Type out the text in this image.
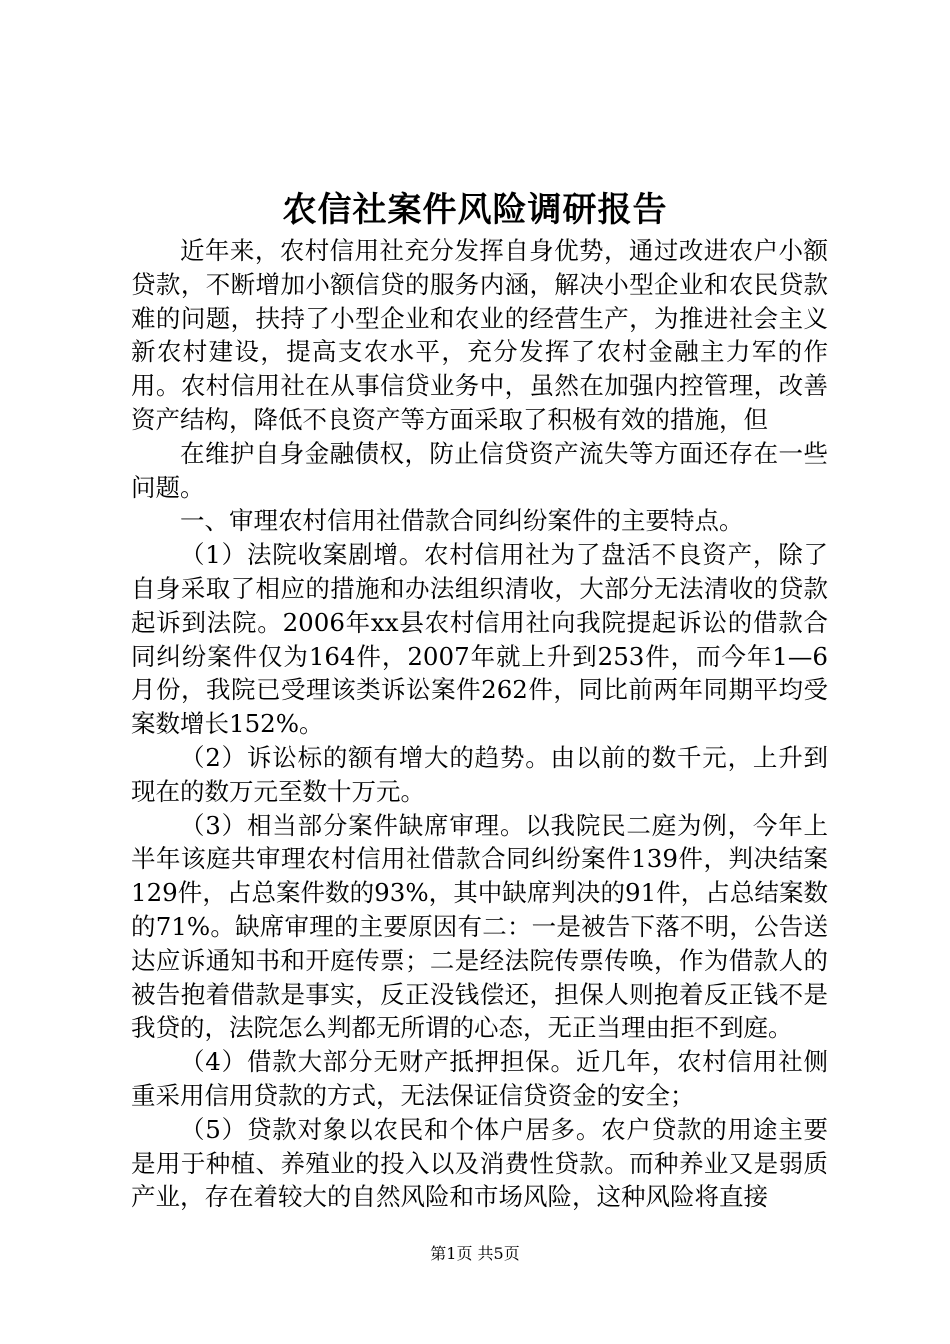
农信社案件风险调研报告

近年来，农村信用社充分发挥自身优势，通过改进农户小额贷款，不断增加小额信贷的服务内涵，解决小型企业和农民贷款难的问题，扶持了小型企业和农业的经营生产，为推进社会主义新农村建设，提高支农水平，充分发挥了农村金融主力军的作用。农村信用社在从事信贷业务中，虽然在加强内控管理，改善资产结构，降低不良资产等方面采取了积极有效的措施，但

在维护自身金融债权，防止信贷资产流失等方面还存在一些问题。

一、审理农村信用社借款合同纠纷案件的主要特点。

（1）法院收案剧增。农村信用社为了盘活不良资产，除了自身采取了相应的措施和办法组织清收，大部分无法清收的贷款起诉到法院。2006年xx县农村信用社向我院提起诉讼的借款合同纠纷案件仅为164件，2007年就上升到253件，而今年1—6月份，我院已受理该类诉讼案件262件，同比前两年同期平均受案数增长152%。

（2）诉讼标的额有增大的趋势。由以前的数千元，上升到现在的数万元至数十万元。

（3）相当部分案件缺席审理。以我院民二庭为例，今年上半年该庭共审理农村信用社借款合同纠纷案件139件，判决结案129件，占总案件数的93%，其中缺席判决的91件，占总结案数的71%。缺席审理的主要原因有二：一是被告下落不明，公告送达应诉通知书和开庭传票；二是经法院传票传唤，作为借款人的被告抱着借款是事实，反正没钱偿还，担保人则抱着反正钱不是我贷的，法院怎么判都无所谓的心态，无正当理由拒不到庭。

（4）借款大部分无财产抵押担保。近几年，农村信用社侧重采用信用贷款的方式，无法保证信贷资金的安全；

（5）贷款对象以农民和个体户居多。农户贷款的用途主要是用于种植、养殖业的投入以及消费性贷款。而种养业又是弱质产业，存在着较大的自然风险和市场风险，这种风险将直接

第1页 共5页
